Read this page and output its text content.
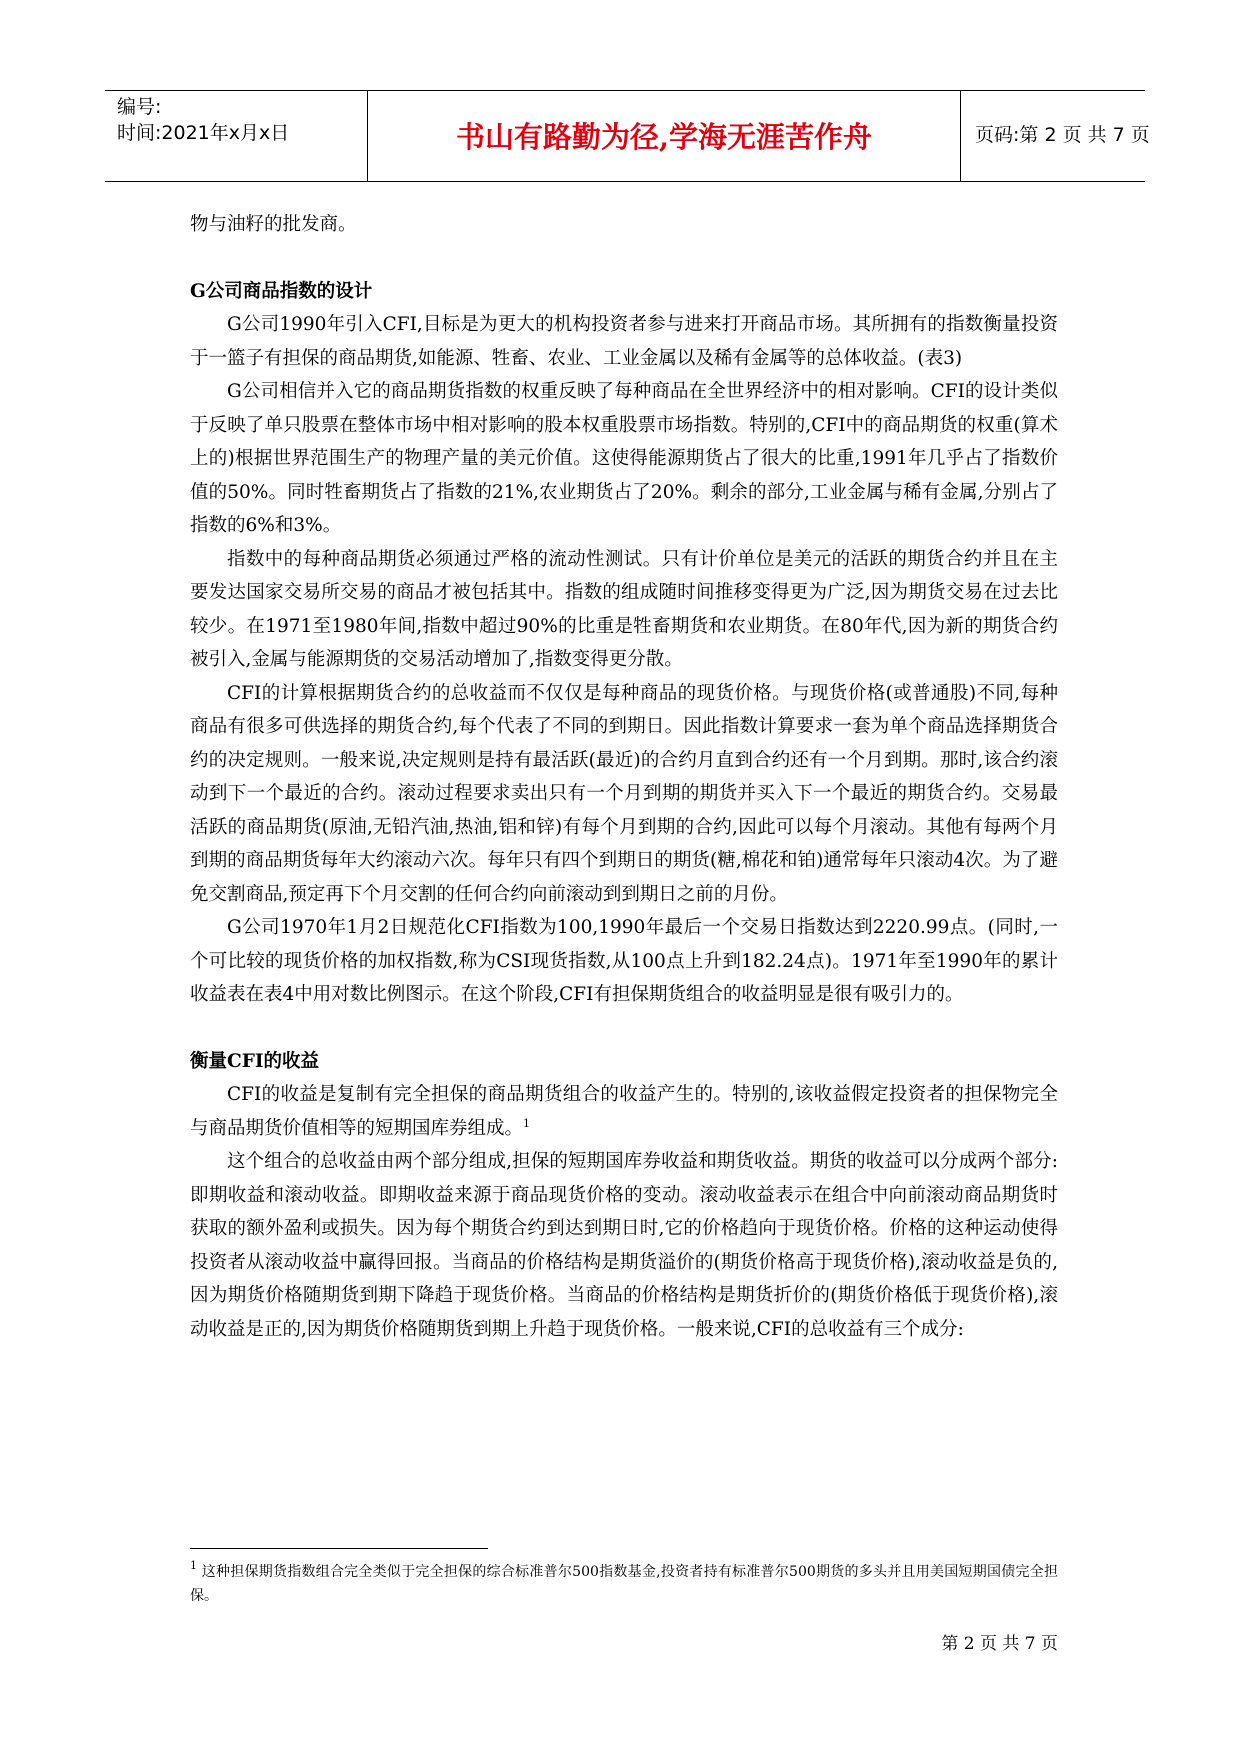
编号:
时间:2021年x月x日	书山有路勤为径,学海无涯苦作舟	页码:第 2 页 共 7 页

物与油籽的批发商。

G公司商品指数的设计

G公司1990年引入CFI,目标是为更大的机构投资者参与进来打开商品市场。其所拥有的指数衡量投资于一篮子有担保的商品期货,如能源、牲畜、农业、工业金属以及稀有金属等的总体收益。(表3)

G公司相信并入它的商品期货指数的权重反映了每种商品在全世界经济中的相对影响。CFI的设计类似于反映了单只股票在整体市场中相对影响的股本权重股票市场指数。特别的,CFI中的商品期货的权重(算术上的)根据世界范围生产的物理产量的美元价值。这使得能源期货占了很大的比重,1991年几乎占了指数价值的50%。同时牲畜期货占了指数的21%,农业期货占了20%。剩余的部分,工业金属与稀有金属,分别占了指数的6%和3%。

指数中的每种商品期货必须通过严格的流动性测试。只有计价单位是美元的活跃的期货合约并且在主要发达国家交易所交易的商品才被包括其中。指数的组成随时间推移变得更为广泛,因为期货交易在过去比较少。在1971至1980年间,指数中超过90%的比重是牲畜期货和农业期货。在80年代,因为新的期货合约被引入,金属与能源期货的交易活动增加了,指数变得更分散。

CFI的计算根据期货合约的总收益而不仅仅是每种商品的现货价格。与现货价格(或普通股)不同,每种商品有很多可供选择的期货合约,每个代表了不同的到期日。因此指数计算要求一套为单个商品选择期货合约的决定规则。一般来说,决定规则是持有最活跃(最近)的合约月直到合约还有一个月到期。那时,该合约滚动到下一个最近的合约。滚动过程要求卖出只有一个月到期的期货并买入下一个最近的期货合约。交易最活跃的商品期货(原油,无铅汽油,热油,铝和锌)有每个月到期的合约,因此可以每个月滚动。其他有每两个月到期的商品期货每年大约滚动六次。每年只有四个到期日的期货(糖,棉花和铂)通常每年只滚动4次。为了避免交割商品,预定再下个月交割的任何合约向前滚动到到期日之前的月份。

G公司1970年1月2日规范化CFI指数为100,1990年最后一个交易日指数达到2220.99点。(同时,一个可比较的现货价格的加权指数,称为CSI现货指数,从100点上升到182.24点)。1971年至1990年的累计收益表在表4中用对数比例图示。在这个阶段,CFI有担保期货组合的收益明显是很有吸引力的。

衡量CFI的收益

CFI的收益是复制有完全担保的商品期货组合的收益产生的。特别的,该收益假定投资者的担保物完全与商品期货价值相等的短期国库券组成。$^1$

这个组合的总收益由两个部分组成,担保的短期国库券收益和期货收益。期货的收益可以分成两个部分:即期收益和滚动收益。即期收益来源于商品现货价格的变动。滚动收益表示在组合中向前滚动商品期货时获取的额外盈利或损失。因为每个期货合约到达到期日时,它的价格趋向于现货价格。价格的这种运动使得投资者从滚动收益中赢得回报。当商品的价格结构是期货溢价的(期货价格高于现货价格),滚动收益是负的,因为期货价格随期货到期下降趋于现货价格。当商品的价格结构是期货折价的(期货价格低于现货价格),滚动收益是正的,因为期货价格随期货到期上升趋于现货价格。一般来说,CFI的总收益有三个成分:

$^1$ 这种担保期货指数组合完全类似于完全担保的综合标准普尔500指数基金,投资者持有标准普尔500期货的多头并且用美国短期国债完全担保。
第 2 页 共 7 页
